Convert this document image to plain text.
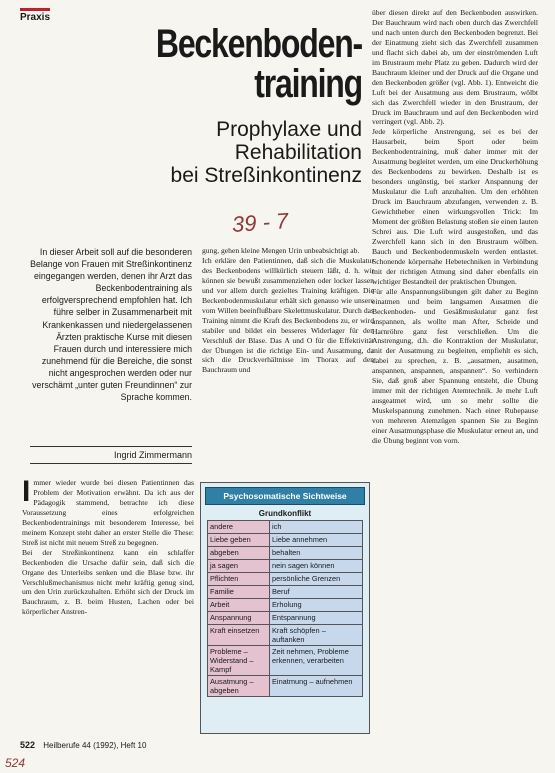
Praxis
Beckenboden-
training
Prophylaxe und
Rehabilitation
bei Streßinkontinenz
39 - 7
In dieser Arbeit soll auf die besonderen Belange von Frauen mit Streßinkontinenz eingegangen werden, denen ihr Arzt das Beckenbodentraining als erfolgversprechend empfohlen hat. Ich führe selber in Zusammenarbeit mit Krankenkassen und niedergelassenen Ärzten praktische Kurse mit diesen Frauen durch und interessiere mich zunehmend für die Bereiche, die sonst nicht angesprochen werden oder nur verschämt „unter guten Freundinnen“ zur Sprache kommen.
Ingrid Zimmermann

Immer wieder wurde bei diesen Patientinnen das Problem der Motivation erwähnt. Da ich aus der Pädagogik stammend, betrachte ich diese Voraussetzung eines erfolgreichen Beckenbodentrainings mit besonderem Interesse, bei meinem Konzept steht daher an erster Stelle die These: Streß ist nicht mit neuem Streß zu begegnen.

Bei der Streßinkontinenz kann ein schlaffer Beckenboden die Ursache dafür sein, daß sich die Organe des Unterleibs senken und die Blase bzw. ihr Verschlußmechanismus nicht mehr kräftig genug sind, um den Urin zurückzuhalten. Erhöht sich der Druck im Bauchraum, z. B. beim Husten, Lachen oder bei körperlicher Anstren-

gung, gehen kleine Mengen Urin unbeabsichtigt ab.

Ich erkläre den Patientinnen, daß sich die Muskulatur des Beckenbodens willkürlich steuern läßt, d. h. wir können sie bewußt zusammenziehen oder locker lassen und vor allem durch gezieltes Training kräftigen. Die Beckenbodenmuskulatur erhält sich genauso wie unsere vom Willen beeinflußbare Skelettmuskulatur. Durch das Training nimmt die Kraft des Beckenbodens zu, er wird stabiler und bildet ein besseres Widerlager für den Verschluß der Blase. Das A und O für die Effektivität der Übungen ist die richtige Ein- und Ausatmung, da sich die Druckverhältnisse im Thorax auf den Bauchraum und

über diesen direkt auf den Beckenboden auswirken. Der Bauchraum wird nach oben durch das Zwerchfell und nach unten durch den Beckenboden begrenzt. Bei der Einatmung zieht sich das Zwerchfell zusammen und flacht sich dabei ab, um der einströmenden Luft im Brustraum mehr Platz zu geben. Dadurch wird der Bauchraum kleiner und der Druck auf die Organe und den Beckenboden größer (vgl. Abb. 1). Entweicht die Luft bei der Ausatmung aus dem Brustraum, wölbt sich das Zwerchfell wieder in den Brustraum, der Druck im Bauchraum und auf den Beckenboden wird verringert (vgl. Abb. 2).

Jede körperliche Anstrengung, sei es bei der Hausarbeit, beim Sport oder beim Beckenbodentraining, muß daher immer mit der Ausatmung begleitet werden, um eine Druckerhöhung des Beckenbodens zu bewirken. Deshalb ist es besonders ungünstig, bei starker Anspannung der Muskulatur die Luft anzuhalten. Um den erhöhten Druck im Bauchraum abzufangen, verwenden z. B. Gewichtheber einen wirkungsvollen Trick: Im Moment der größten Belastung stoßen sie einen lauten Schrei aus. Die Luft wird ausgestoßen, und das Zwerchfell kann sich in den Brustraum wölben. Bauch und Beckenbodenmuskeln werden entlastet. Schonende körpernahe Hebetechniken in Verbindung mit der richtigen Atmung sind daher ebenfalls ein wichtiger Bestandteil der praktischen Übungen.

Für alle Anspannungsübungen gilt daher zu Beginn einatmen und beim langsamen Ausatmen die Beckenboden- und Gesäßmuskulatur ganz fest anspannen, als wollte man After, Scheide und Harnröhre ganz fest verschließen. Um die Anstrengung, d.h. die Kontraktion der Muskulatur, mit der Ausatmung zu begleiten, empfiehlt es sich, dabei zu sprechen, z. B. „ausatmen, ausatmen, anspannen, anspannen, anspannen“. So verhindern Sie, daß groß aber Spannung entsteht, die Übung immer mit der richtigen Atemtechnik. Je mehr Luft ausgeatmet wird, um so mehr sollte die Muskelspannung zunehmen. Nach einer Ruhepause von mehreren Atemzügen spannen Sie zu Beginn einer Ausatmungsphase die Muskulatur erneut an, und die Übung beginnt von vorn.

Psychosomatische Sichtweise
Grundkonflikt
andere	ich
Liebe geben	Liebe annehmen
abgeben	behalten
ja sagen	nein sagen können
Pflichten	persönliche Grenzen
Familie	Beruf
Arbeit	Erholung
Anspannung	Entspannung
Kraft einsetzen	Kraft schöpfen – auftanken
Probleme – Widerstand – Kampf	Zeit nehmen, Probleme erkennen, verarbeiten
Ausatmung – abgeben	Einatmung – aufnehmen
522 Heilberufe 44 (1992), Heft 10
524
